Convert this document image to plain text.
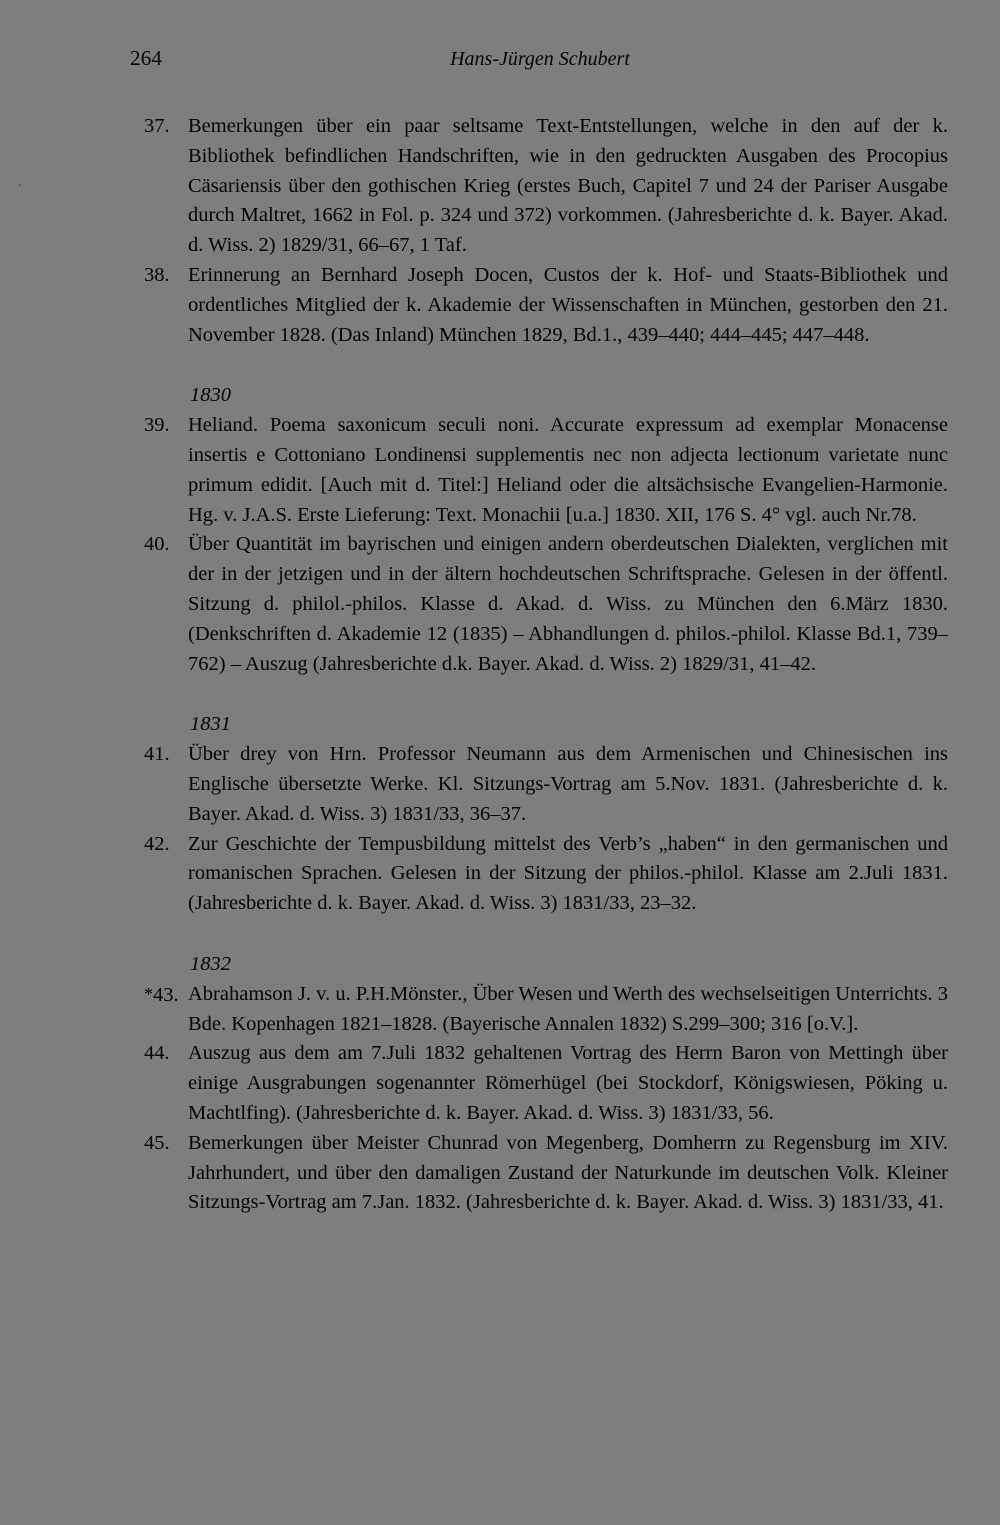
264	Hans-Jürgen Schubert
`
37. Bemerkungen über ein paar seltsame Text-Entstellungen, welche in den auf der k. Bibliothek befindlichen Handschriften, wie in den gedruckten Ausgaben des Procopius Cäsariensis über den gothischen Krieg (erstes Buch, Capitel 7 und 24 der Pariser Ausgabe durch Maltret, 1662 in Fol. p. 324 und 372) vorkommen. (Jahresberichte d. k. Bayer. Akad. d. Wiss. 2) 1829/31, 66–67, 1 Taf.
38. Erinnerung an Bernhard Joseph Docen, Custos der k. Hof- und Staats-Bibliothek und ordentliches Mitglied der k. Akademie der Wissenschaften in München, gestorben den 21. November 1828. (Das Inland) München 1829, Bd.1., 439–440; 444–445; 447–448.
1830
39. Heliand. Poema saxonicum seculi noni. Accurate expressum ad exemplar Monacense insertis e Cottoniano Londinensi supplementis nec non adjecta lectionum varietate nunc primum edidit. [Auch mit d. Titel:] Heliand oder die altsächsische Evangelien-Harmonie. Hg. v. J.A.S. Erste Lieferung: Text. Monachii [u.a.] 1830. XII, 176 S. 4° vgl. auch Nr.78.
40. Über Quantität im bayrischen und einigen andern oberdeutschen Dialekten, verglichen mit der in der jetzigen und in der ältern hochdeutschen Schriftsprache. Gelesen in der öffentl. Sitzung d. philol.-philos. Klasse d. Akad. d. Wiss. zu München den 6.März 1830. (Denkschriften d. Akademie 12 (1835) – Abhandlungen d. philos.-philol. Klasse Bd.1, 739–762) – Auszug (Jahresberichte d.k. Bayer. Akad. d. Wiss. 2) 1829/31, 41–42.
1831
41. Über drey von Hrn. Professor Neumann aus dem Armenischen und Chinesischen ins Englische übersetzte Werke. Kl. Sitzungs-Vortrag am 5.Nov. 1831. (Jahresberichte d. k. Bayer. Akad. d. Wiss. 3) 1831/33, 36–37.
42. Zur Geschichte der Tempusbildung mittelst des Verb’s „haben“ in den germanischen und romanischen Sprachen. Gelesen in der Sitzung der philos.-philol. Klasse am 2.Juli 1831. (Jahresberichte d. k. Bayer. Akad. d. Wiss. 3) 1831/33, 23–32.
1832
*43. Abrahamson J. v. u. P.H.Mönster., Über Wesen und Werth des wechselseitigen Unterrichts. 3 Bde. Kopenhagen 1821–1828. (Bayerische Annalen 1832) S.299–300; 316 [o.V.].
44. Auszug aus dem am 7.Juli 1832 gehaltenen Vortrag des Herrn Baron von Mettingh über einige Ausgrabungen sogenannter Römerhügel (bei Stockdorf, Königswiesen, Pöking u. Machtlfing). (Jahresberichte d. k. Bayer. Akad. d. Wiss. 3) 1831/33, 56.
45. Bemerkungen über Meister Chunrad von Megenberg, Domherrn zu Regensburg im XIV. Jahrhundert, und über den damaligen Zustand der Naturkunde im deutschen Volk. Kleiner Sitzungs-Vortrag am 7.Jan. 1832. (Jahresberichte d. k. Bayer. Akad. d. Wiss. 3) 1831/33, 41.
